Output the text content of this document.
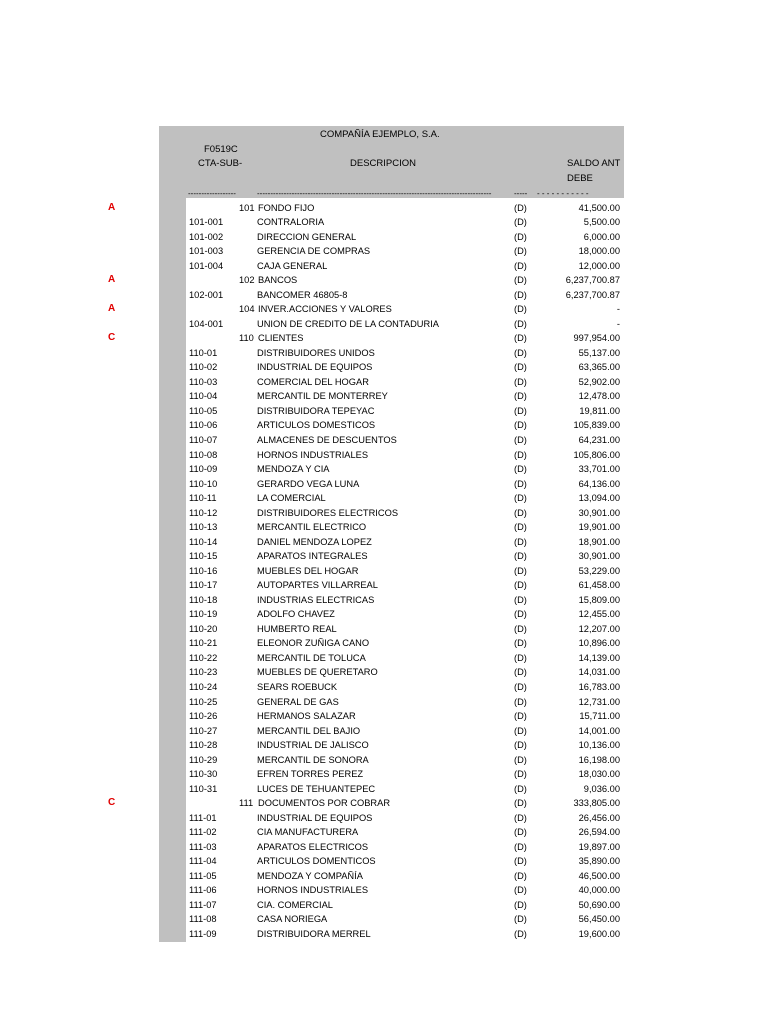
COMPAÑÍA EJEMPLO, S.A.
F0519C
CTA-SUB-	DESCRIPCION	SALDO ANT
DEBE
------------------	----------------------------------------------------------------------------------------	-----	- - - - - - - - - - -
A	101 FONDO FIJO	(D)	41,500.00
101-001	CONTRALORIA	(D)	5,500.00
101-002	DIRECCION GENERAL	(D)	6,000.00
101-003	GERENCIA DE COMPRAS	(D)	18,000.00
101-004	CAJA GENERAL	(D)	12,000.00
A	102 BANCOS	(D)	6,237,700.87
102-001	BANCOMER 46805-8	(D)	6,237,700.87
A	104 INVER.ACCIONES Y VALORES	(D)	-
104-001	UNION DE CREDITO DE LA CONTADURIA	(D)	-
C	110 CLIENTES	(D)	997,954.00
110-01	DISTRIBUIDORES UNIDOS	(D)	55,137.00
110-02	INDUSTRIAL DE EQUIPOS	(D)	63,365.00
110-03	COMERCIAL DEL HOGAR	(D)	52,902.00
110-04	MERCANTIL DE MONTERREY	(D)	12,478.00
110-05	DISTRIBUIDORA TEPEYAC	(D)	19,811.00
110-06	ARTICULOS DOMESTICOS	(D)	105,839.00
110-07	ALMACENES DE DESCUENTOS	(D)	64,231.00
110-08	HORNOS INDUSTRIALES	(D)	105,806.00
110-09	MENDOZA Y CIA	(D)	33,701.00
110-10	GERARDO VEGA LUNA	(D)	64,136.00
110-11	LA COMERCIAL	(D)	13,094.00
110-12	DISTRIBUIDORES ELECTRICOS	(D)	30,901.00
110-13	MERCANTIL ELECTRICO	(D)	19,901.00
110-14	DANIEL MENDOZA LOPEZ	(D)	18,901.00
110-15	APARATOS INTEGRALES	(D)	30,901.00
110-16	MUEBLES DEL HOGAR	(D)	53,229.00
110-17	AUTOPARTES VILLARREAL	(D)	61,458.00
110-18	INDUSTRIAS ELECTRICAS	(D)	15,809.00
110-19	ADOLFO CHAVEZ	(D)	12,455.00
110-20	HUMBERTO REAL	(D)	12,207.00
110-21	ELEONOR ZUÑIGA CANO	(D)	10,896.00
110-22	MERCANTIL DE TOLUCA	(D)	14,139.00
110-23	MUEBLES DE QUERETARO	(D)	14,031.00
110-24	SEARS ROEBUCK	(D)	16,783.00
110-25	GENERAL DE GAS	(D)	12,731.00
110-26	HERMANOS SALAZAR	(D)	15,711.00
110-27	MERCANTIL DEL BAJIO	(D)	14,001.00
110-28	INDUSTRIAL DE JALISCO	(D)	10,136.00
110-29	MERCANTIL DE SONORA	(D)	16,198.00
110-30	EFREN TORRES PEREZ	(D)	18,030.00
110-31	LUCES DE TEHUANTEPEC	(D)	9,036.00
C	111 DOCUMENTOS POR COBRAR	(D)	333,805.00
111-01	INDUSTRIAL DE EQUIPOS	(D)	26,456.00
111-02	CIA MANUFACTURERA	(D)	26,594.00
111-03	APARATOS ELECTRICOS	(D)	19,897.00
111-04	ARTICULOS DOMENTICOS	(D)	35,890.00
111-05	MENDOZA Y COMPAÑÍA	(D)	46,500.00
111-06	HORNOS INDUSTRIALES	(D)	40,000.00
111-07	CIA. COMERCIAL	(D)	50,690.00
111-08	CASA NORIEGA	(D)	56,450.00
111-09	DISTRIBUIDORA MERREL	(D)	19,600.00
